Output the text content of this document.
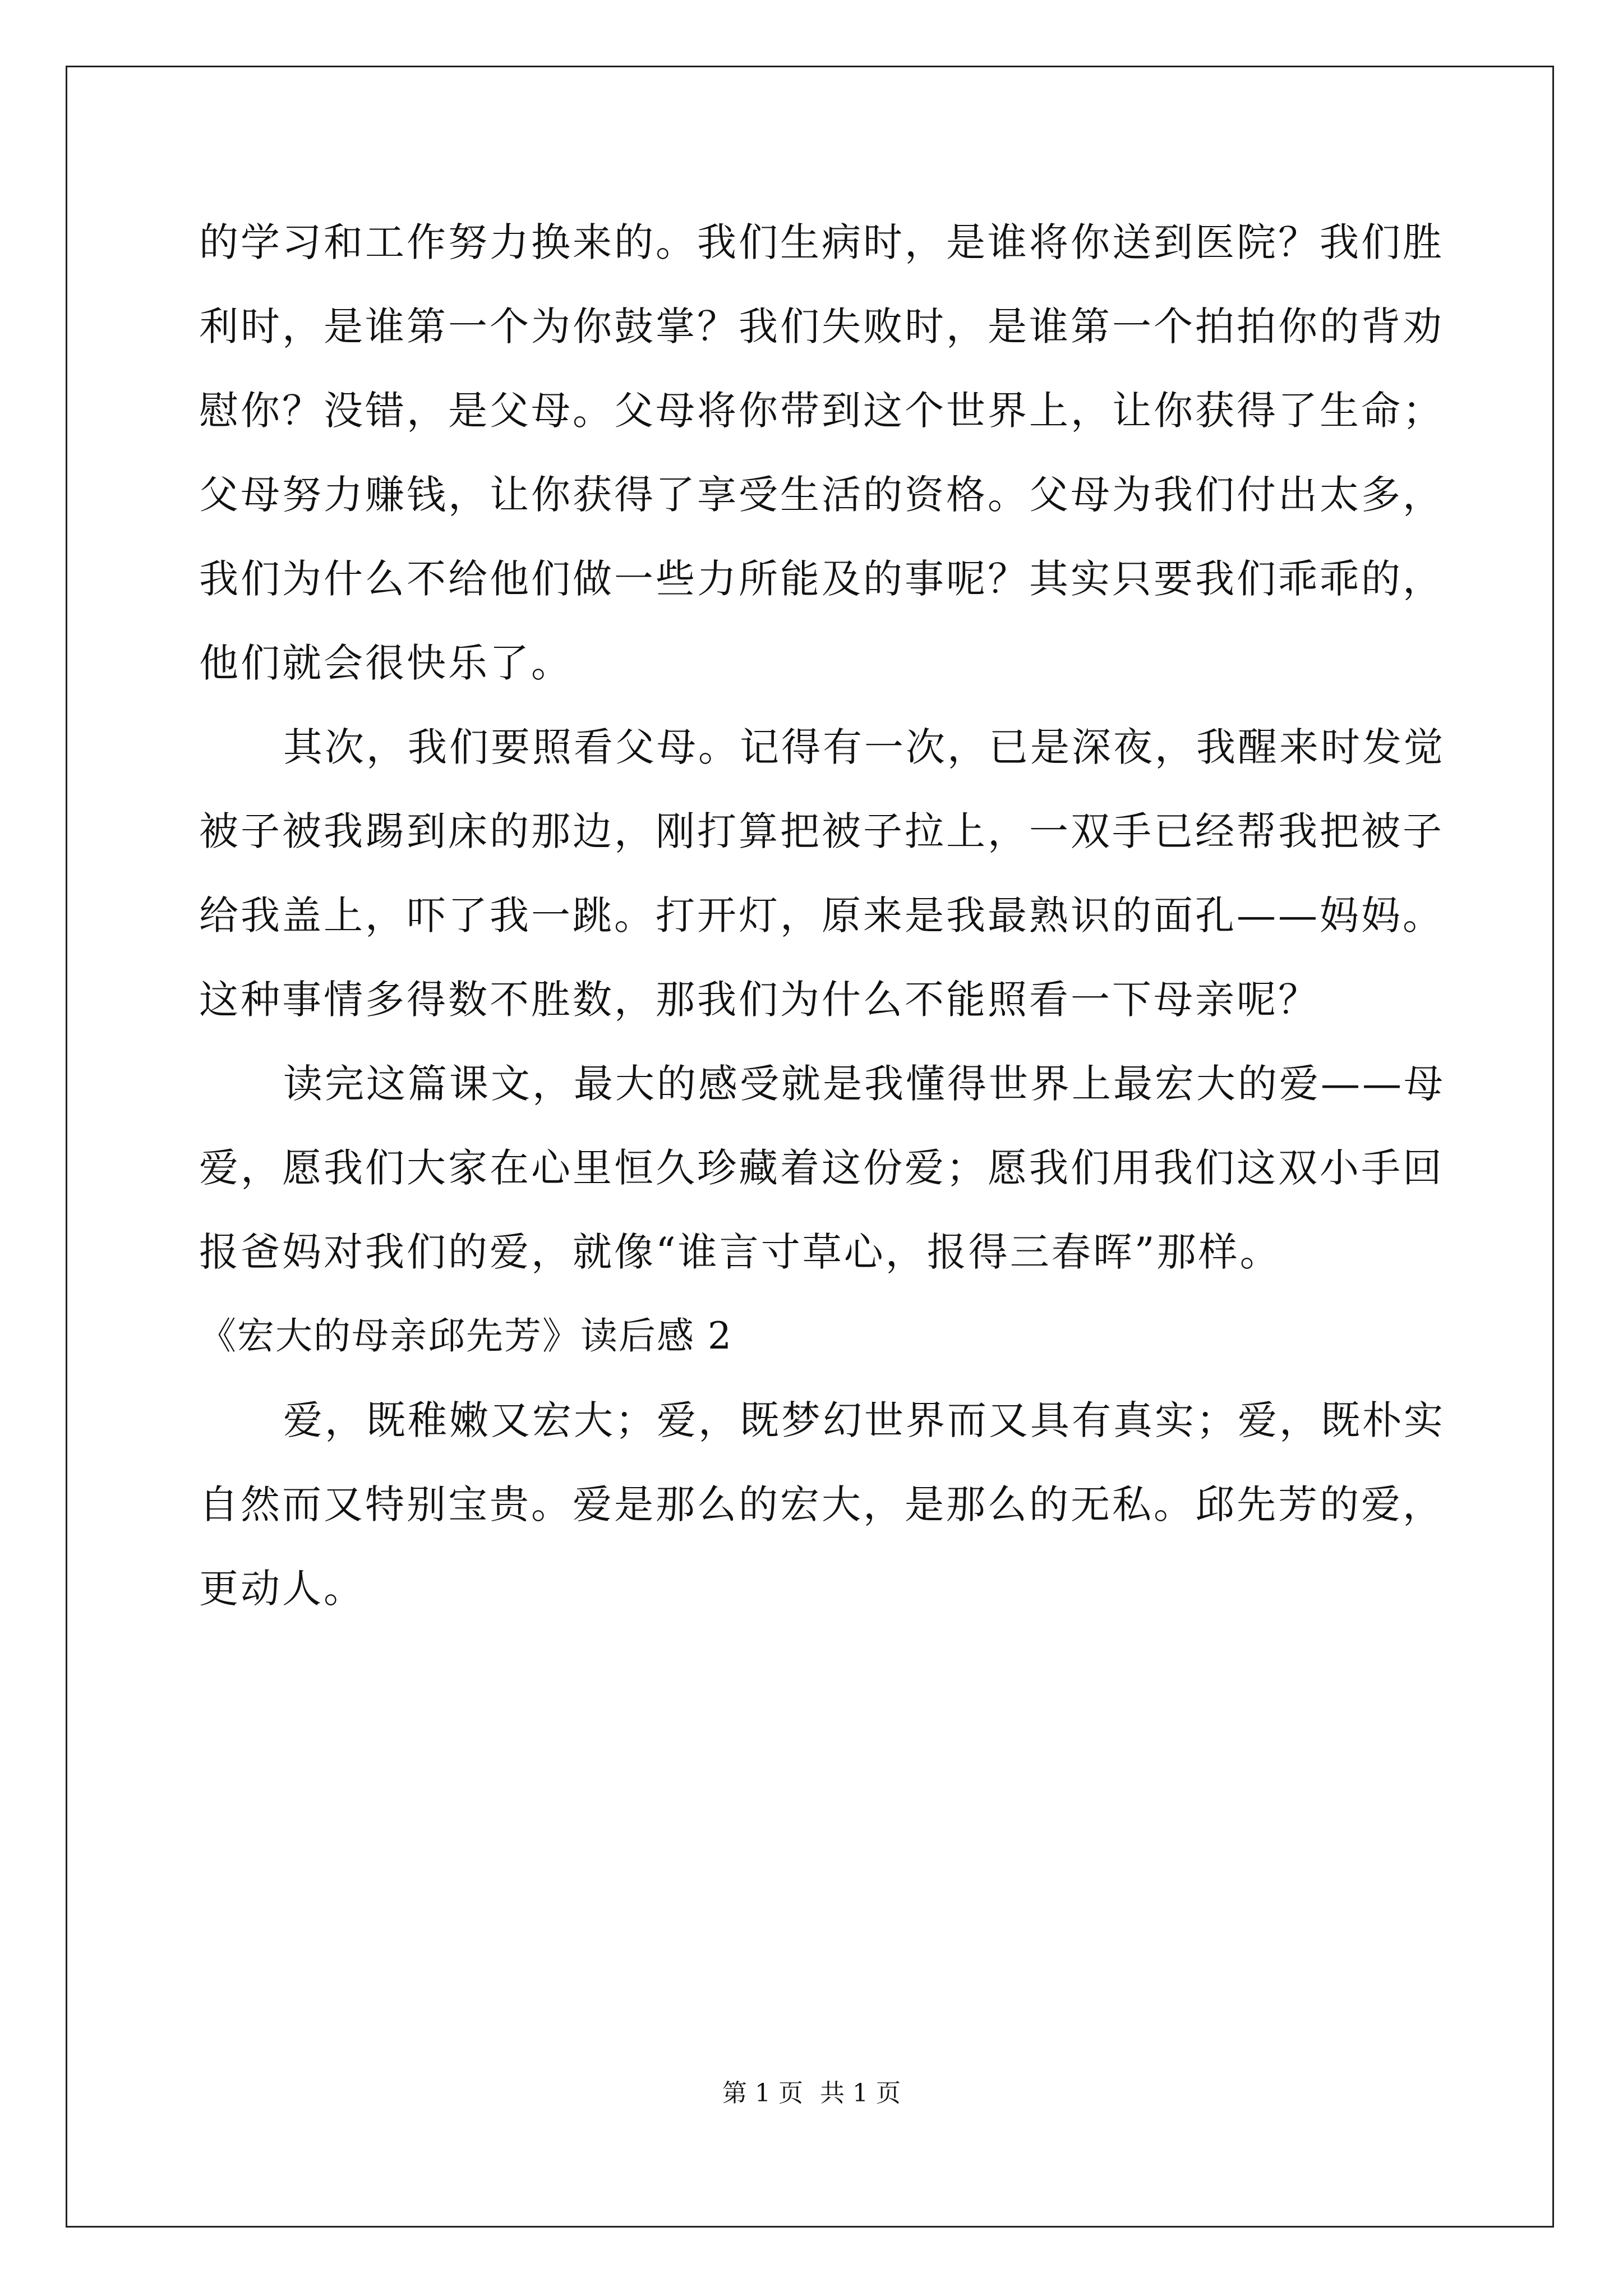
的学习和工作努力换来的。我们生病时，是谁将你送到医院？我们胜
利时，是谁第一个为你鼓掌？我们失败时，是谁第一个拍拍你的背劝
慰你？没错，是父母。父母将你带到这个世界上，让你获得了生命；
父母努力赚钱，让你获得了享受生活的资格。父母为我们付出太多，
我们为什么不给他们做一些力所能及的事呢？其实只要我们乖乖的，
他们就会很快乐了。
其次，我们要照看父母。记得有一次，已是深夜，我醒来时发觉
被子被我踢到床的那边，刚打算把被子拉上，一双手已经帮我把被子
给我盖上，吓了我一跳。打开灯，原来是我最熟识的面孔——妈妈。
这种事情多得数不胜数，那我们为什么不能照看一下母亲呢？
读完这篇课文，最大的感受就是我懂得世界上最宏大的爱——母
爱，愿我们大家在心里恒久珍藏着这份爱；愿我们用我们这双小手回
报爸妈对我们的爱，就像“谁言寸草心，报得三春晖”那样。
《宏大的母亲邱先芳》读后感 2
爱，既稚嫩又宏大；爱，既梦幻世界而又具有真实；爱，既朴实
自然而又特别宝贵。爱是那么的宏大，是那么的无私。邱先芳的爱，
更动人。
第 1 页 共 1 页
